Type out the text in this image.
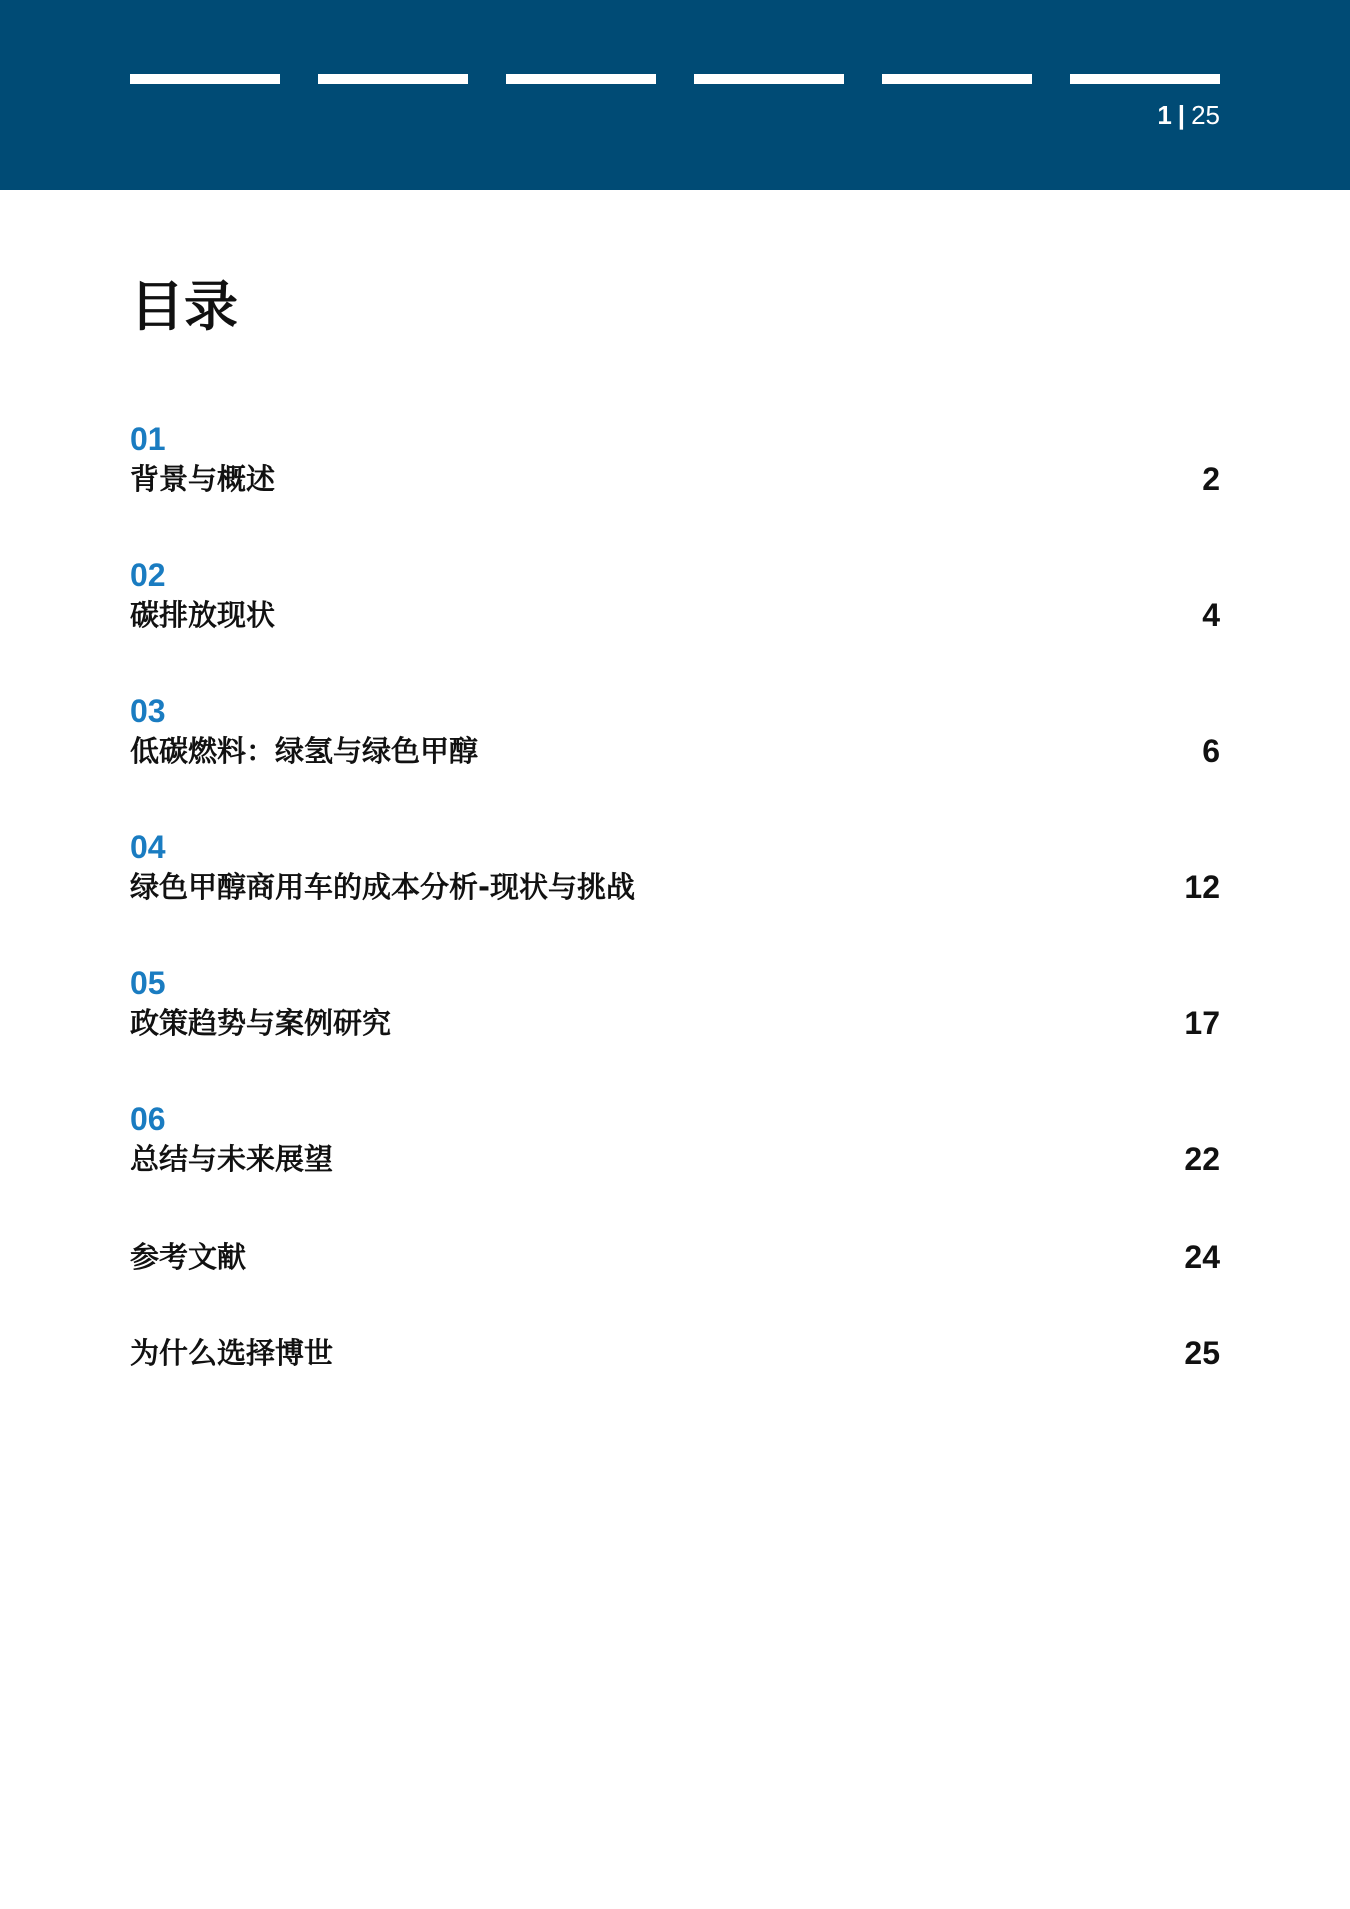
1 | 25
目录
01
背景与概述	2
02
碳排放现状	4
03
低碳燃料：绿氢与绿色甲醇	6
04
绿色甲醇商用车的成本分析-现状与挑战	12
05
政策趋势与案例研究	17
06
总结与未来展望	22
参考文献	24
为什么选择博世	25
